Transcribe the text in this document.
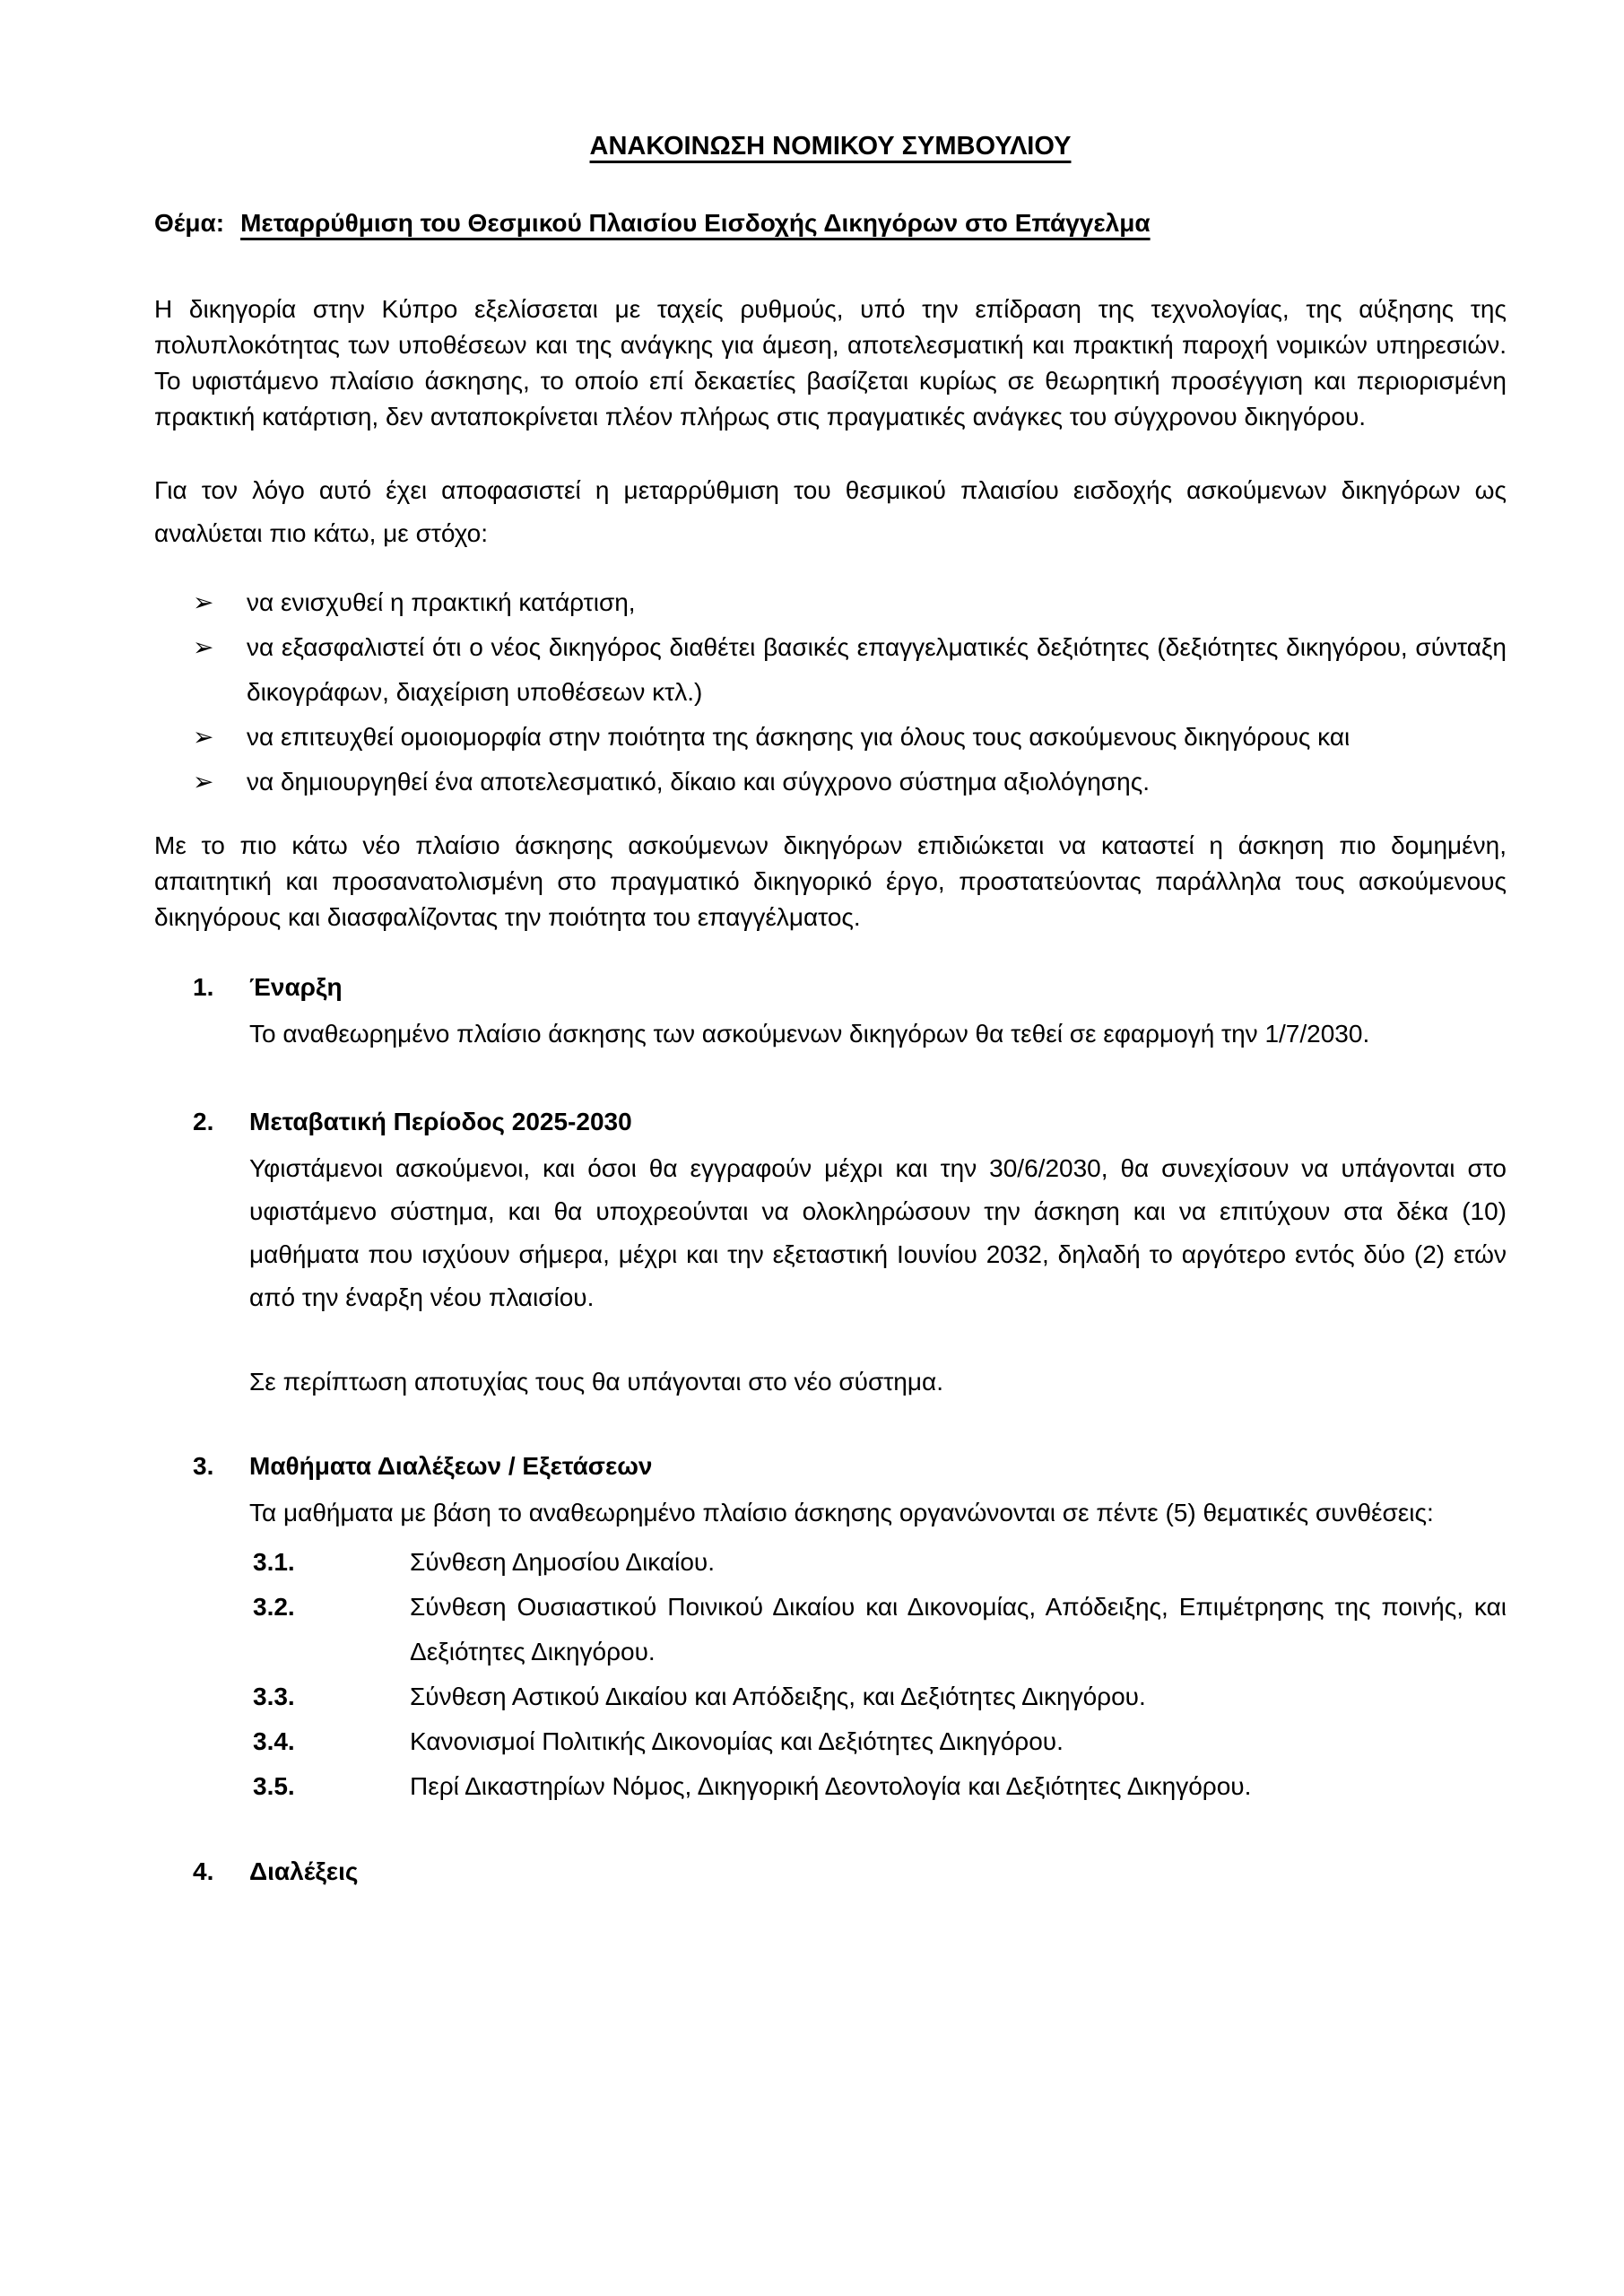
ΑΝΑΚΟΙΝΩΣΗ ΝΟΜΙΚΟΥ ΣΥΜΒΟΥΛΙΟΥ

Θέμα: Μεταρρύθμιση του Θεσμικού Πλαισίου Εισδοχής Δικηγόρων στο Επάγγελμα

Η δικηγορία στην Κύπρο εξελίσσεται με ταχείς ρυθμούς, υπό την επίδραση της τεχνολογίας, της αύξησης της πολυπλοκότητας των υποθέσεων και της ανάγκης για άμεση, αποτελεσματική και πρακτική παροχή νομικών υπηρεσιών. Το υφιστάμενο πλαίσιο άσκησης, το οποίο επί δεκαετίες βασίζεται κυρίως σε θεωρητική προσέγγιση και περιορισμένη πρακτική κατάρτιση, δεν ανταποκρίνεται πλέον πλήρως στις πραγματικές ανάγκες του σύγχρονου δικηγόρου.

Για τον λόγο αυτό έχει αποφασιστεί η μεταρρύθμιση του θεσμικού πλαισίου εισδοχής ασκούμενων δικηγόρων ως αναλύεται πιο κάτω, με στόχο:

➢ να ενισχυθεί η πρακτική κατάρτιση,
➢ να εξασφαλιστεί ότι ο νέος δικηγόρος διαθέτει βασικές επαγγελματικές δεξιότητες (δεξιότητες δικηγόρου, σύνταξη δικογράφων, διαχείριση υποθέσεων κτλ.)
➢ να επιτευχθεί ομοιομορφία στην ποιότητα της άσκησης για όλους τους ασκούμενους δικηγόρους και
➢ να δημιουργηθεί ένα αποτελεσματικό, δίκαιο και σύγχρονο σύστημα αξιολόγησης.

Με το πιο κάτω νέο πλαίσιο άσκησης ασκούμενων δικηγόρων επιδιώκεται να καταστεί η άσκηση πιο δομημένη, απαιτητική και προσανατολισμένη στο πραγματικό δικηγορικό έργο, προστατεύοντας παράλληλα τους ασκούμενους δικηγόρους και διασφαλίζοντας την ποιότητα του επαγγέλματος.

1. Έναρξη

Το αναθεωρημένο πλαίσιο άσκησης των ασκούμενων δικηγόρων θα τεθεί σε εφαρμογή την 1/7/2030.

2. Μεταβατική Περίοδος 2025-2030

Υφιστάμενοι ασκούμενοι, και όσοι θα εγγραφούν μέχρι και την 30/6/2030, θα συνεχίσουν να υπάγονται στο υφιστάμενο σύστημα, και θα υποχρεούνται να ολοκληρώσουν την άσκηση και να επιτύχουν στα δέκα (10) μαθήματα που ισχύουν σήμερα, μέχρι και την εξεταστική Ιουνίου 2032, δηλαδή το αργότερο εντός δύο (2) ετών από την έναρξη νέου πλαισίου.

Σε περίπτωση αποτυχίας τους θα υπάγονται στο νέο σύστημα.

3. Μαθήματα Διαλέξεων / Εξετάσεων

Τα μαθήματα με βάση το αναθεωρημένο πλαίσιο άσκησης οργανώνονται σε πέντε (5) θεματικές συνθέσεις:

3.1.	Σύνθεση Δημοσίου Δικαίου.
3.2.	Σύνθεση Ουσιαστικού Ποινικού Δικαίου και Δικονομίας, Απόδειξης, Επιμέτρησης της ποινής, και Δεξιότητες Δικηγόρου.
3.3.	Σύνθεση Αστικού Δικαίου και Απόδειξης, και Δεξιότητες Δικηγόρου.
3.4.	Κανονισμοί Πολιτικής Δικονομίας και Δεξιότητες Δικηγόρου.
3.5.	Περί Δικαστηρίων Νόμος, Δικηγορική Δεοντολογία και Δεξιότητες Δικηγόρου.
4. Διαλέξεις
